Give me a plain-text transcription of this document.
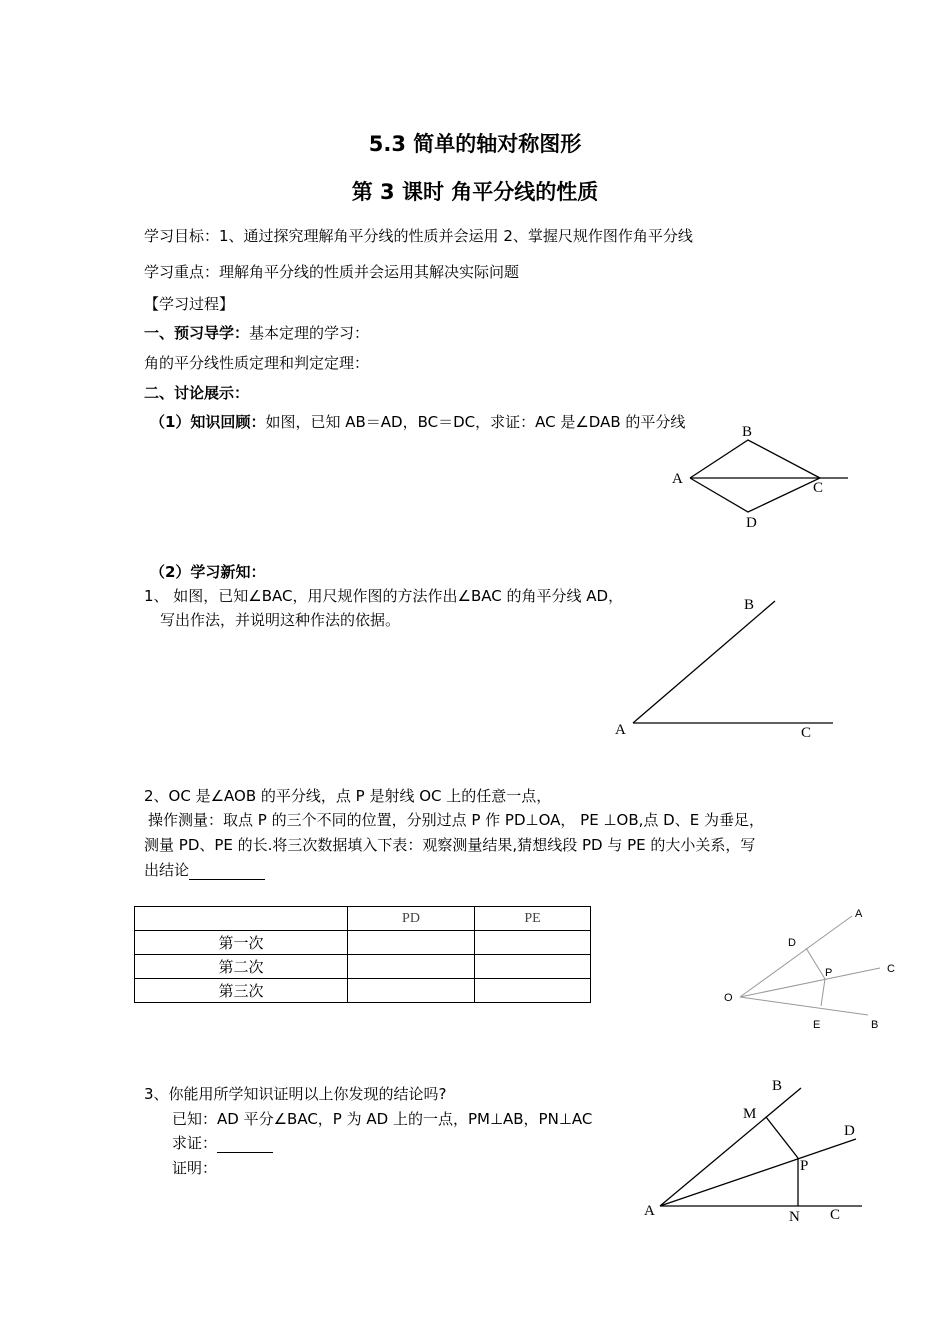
5.3 简单的轴对称图形
第 3 课时 角平分线的性质
学习目标：1、通过探究理解角平分线的性质并会运用 2、掌握尺规作图作角平分线
学习重点：理解角平分线的性质并会运用其解决实际问题
【学习过程】
一、预习导学：基本定理的学习：
角的平分线性质定理和判定定理：
二、讨论展示：
（1）知识回顾：如图，已知 AB＝AD，BC＝DC，求证：AC 是∠DAB 的平分线
B
A
C
D
（2）学习新知：
1、 如图，已知∠BAC，用尺规作图的方法作出∠BAC 的角平分线 AD，
写出作法，并说明这种作法的依据。
B
A	C
2、OC 是∠AOB 的平分线，点 P 是射线 OC 上的任意一点，
操作测量：取点 P 的三个不同的位置，分别过点 P 作 PD⊥OA， PE ⊥OB,点 D、E 为垂足，
测量 PD、PE 的长.将三次数据填入下表：观察测量结果,猜想线段 PD 与 PE 的大小关系，写
出结论
	PD	PE
第一次		
第二次		
第三次		
A
D
P	C
O
E	B
3、你能用所学知识证明以上你发现的结论吗?
已知：AD 平分∠BAC，P 为 AD 上的一点，PM⊥AB，PN⊥AC
求证：
证明：
B
M
D
P
A	N C
